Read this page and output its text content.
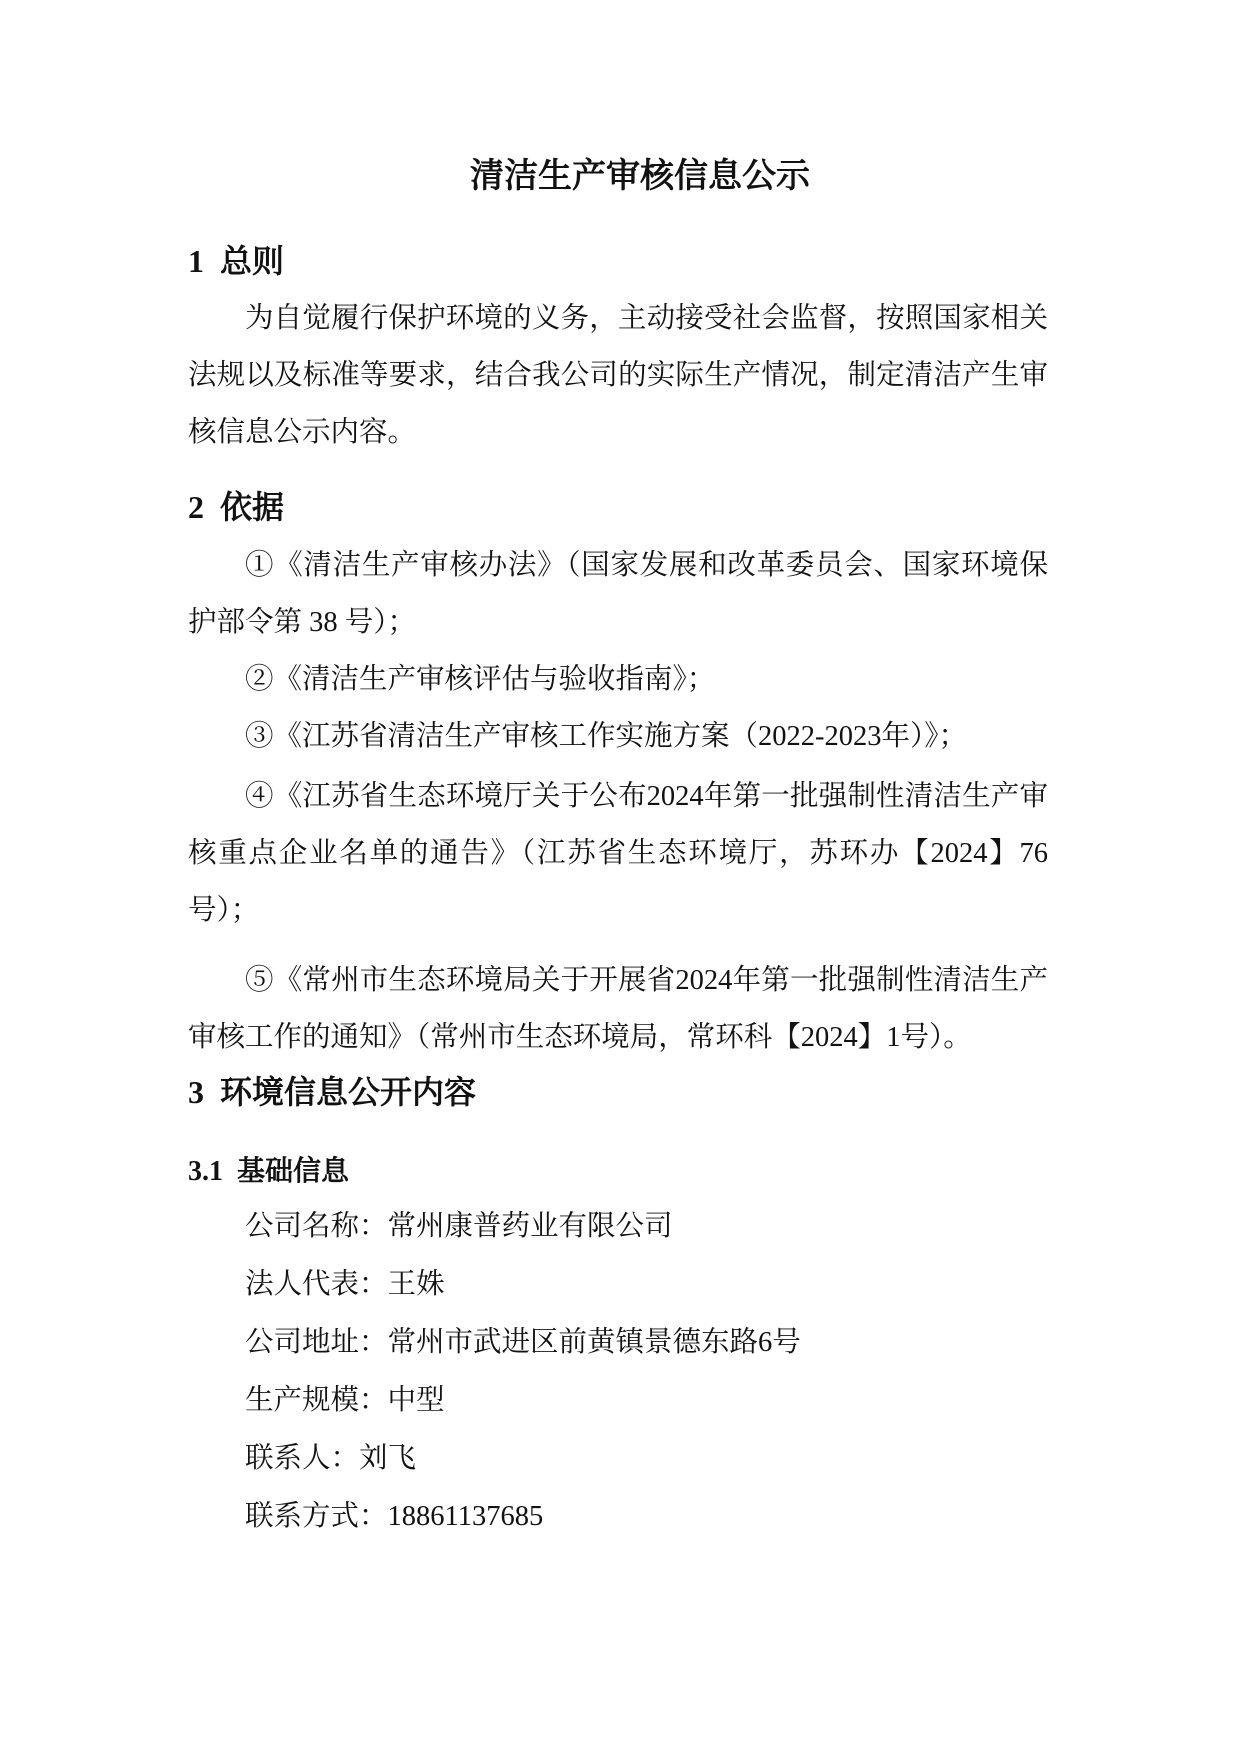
清洁生产审核信息公示
1  总则

为自觉履行保护环境的义务，主动接受社会监督，按照国家相关法规以及标准等要求，结合我公司的实际生产情况，制定清洁产生审核信息公示内容。

2  依据

①《清洁生产审核办法》（国家发展和改革委员会、国家环境保护部令第 38 号）；

②《清洁生产审核评估与验收指南》；

③《江苏省清洁生产审核工作实施方案（2022-2023年）》；

④《江苏省生态环境厅关于公布2024年第一批强制性清洁生产审核重点企业名单的通告》（江苏省生态环境厅，苏环办【2024】76 号）；

⑤《常州市生态环境局关于开展省2024年第一批强制性清洁生产审核工作的通知》（常州市生态环境局，常环科【2024】1号）。

3  环境信息公开内容
3.1  基础信息
公司名称：常州康普药业有限公司
法人代表：王姝
公司地址：常州市武进区前黄镇景德东路6号
生产规模：中型
联系人：刘飞
联系方式：18861137685
